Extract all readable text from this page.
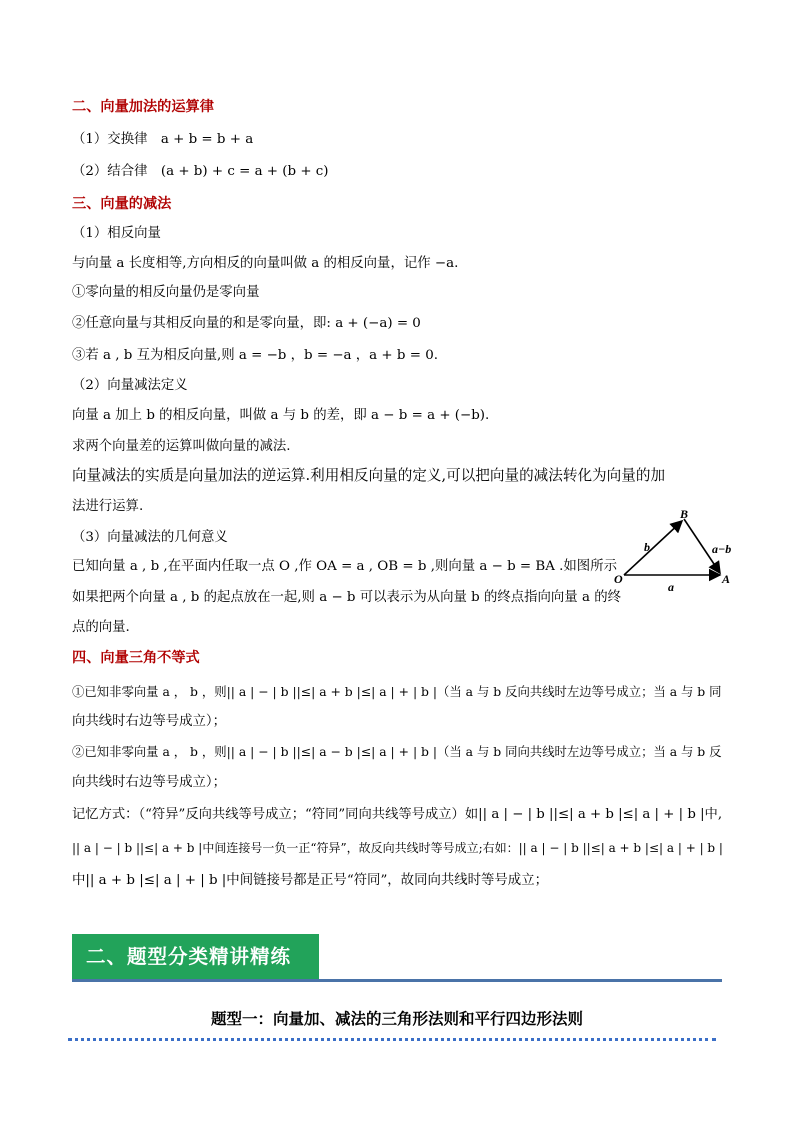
二、向量加法的运算律
（1）交换律　a + b = b + a
（2）结合律　(a + b) + c = a + (b + c)
三、向量的减法
（1）相反向量
与向量 a 长度相等,方向相反的向量叫做 a 的相反向量，记作 −a.
①零向量的相反向量仍是零向量
②任意向量与其相反向量的和是零向量，即: a + (−a) = 0
③若 a , b 互为相反向量,则 a = −b ，b = −a ，a + b = 0.
（2）向量减法定义
向量 a 加上 b 的相反向量，叫做 a 与 b 的差，即 a − b = a + (−b).
求两个向量差的运算叫做向量的减法.
向量减法的实质是向量加法的逆运算.利用相反向量的定义,可以把向量的减法转化为向量的加
法进行运算.
（3）向量减法的几何意义
已知向量 a , b ,在平面内任取一点 O ,作 OA = a , OB = b ,则向量 a − b = BA .如图所示
如果把两个向量 a , b 的起点放在一起,则 a − b 可以表示为从向量 b 的终点指向向量 a 的终
点的向量.
O	A
B
a
b	a−b
四、向量三角不等式
①已知非零向量 a ， b ，则|| a | − | b ||≤| a + b |≤| a | + | b |（当 a 与 b 反向共线时左边等号成立；当 a 与 b 同
向共线时右边等号成立）；
②已知非零向量 a ， b ，则|| a | − | b ||≤| a − b |≤| a | + | b |（当 a 与 b 同向共线时左边等号成立；当 a 与 b 反
向共线时右边等号成立）；
记忆方式：（“符异”反向共线等号成立；“符同”同向共线等号成立）如|| a | − | b ||≤| a + b |≤| a | + | b |中,
|| a | − | b ||≤| a + b |中间连接号一负一正“符异”，故反向共线时等号成立;右如：|| a | − | b ||≤| a + b |≤| a | + | b |
中|| a + b |≤| a | + | b |中间链接号都是正号“符同”，故同向共线时等号成立；
二、题型分类精讲精练
题型一：向量加、减法的三角形法则和平行四边形法则
